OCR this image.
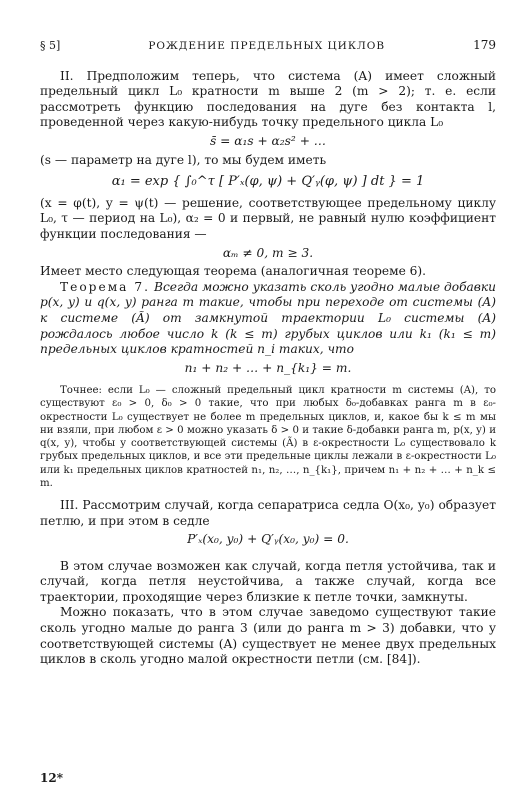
§ 5]	РОЖДЕНИЕ ПРЕДЕЛЬНЫХ ЦИКЛОВ	179

II. Предположим теперь, что система (A) имеет сложный предельный цикл L₀ кратности m выше 2 (m > 2); т. е. если рассмотреть функцию последования на дуге без контакта l, проведенной через какую-нибудь точку предельного цикла L₀

s̄ = α₁s + α₂s² + …

(s — параметр на дуге l), то мы будем иметь

α₁ = exp { ∫₀^τ [ P′ₓ(φ, ψ) + Q′ᵧ(φ, ψ) ] dt } = 1

(x = φ(t), y = ψ(t) — решение, соответствующее предельному циклу L₀, τ — период на L₀), α₂ = 0 и первый, не равный нулю коэффициент функции последования —

αₘ ≠ 0, m ≥ 3.

Имеет место следующая теорема (аналогичная теореме 6).

Теорема 7. Всегда можно указать сколь угодно малые добавки p(x, y) и q(x, y) ранга m такие, чтобы при переходе от системы (A) к системе (Ã) от замкнутой траектории L₀ системы (A) рождалось любое число k (k ≤ m) грубых циклов или k₁ (k₁ ≤ m) предельных циклов кратностей n_i таких, что

n₁ + n₂ + … + n_{k₁} = m.

Точнее: если L₀ — сложный предельный цикл кратности m системы (A), то существуют ε₀ > 0, δ₀ > 0 такие, что при любых δ₀-добавках ранга m в ε₀-окрестности L₀ существует не более m предельных циклов, и, какое бы k ≤ m мы ни взяли, при любом ε > 0 можно указать δ > 0 и такие δ-добавки ранга m, p(x, y) и q(x, y), чтобы у соответствующей системы (Ã) в ε-окрестности L₀ существовало k грубых предельных циклов, и все эти предельные циклы лежали в ε-окрестности L₀ или k₁ предельных циклов кратностей n₁, n₂, …, n_{k₁}, причем n₁ + n₂ + … + n_k ≤ m.

III. Рассмотрим случай, когда сепаратриса седла O(x₀, y₀) образует петлю, и при этом в седле

P′ₓ(x₀, y₀) + Q′ᵧ(x₀, y₀) = 0.

В этом случае возможен как случай, когда петля устойчива, так и случай, когда петля неустойчива, а также случай, когда все траектории, проходящие через близкие к петле точки, замкнуты.

Можно показать, что в этом случае заведомо существуют такие сколь угодно малые до ранга 3 (или до ранга m > 3) добавки, что у соответствующей системы (A) существует не менее двух предельных циклов в сколь угодно малой окрестности петли (см. [84]).

12*
